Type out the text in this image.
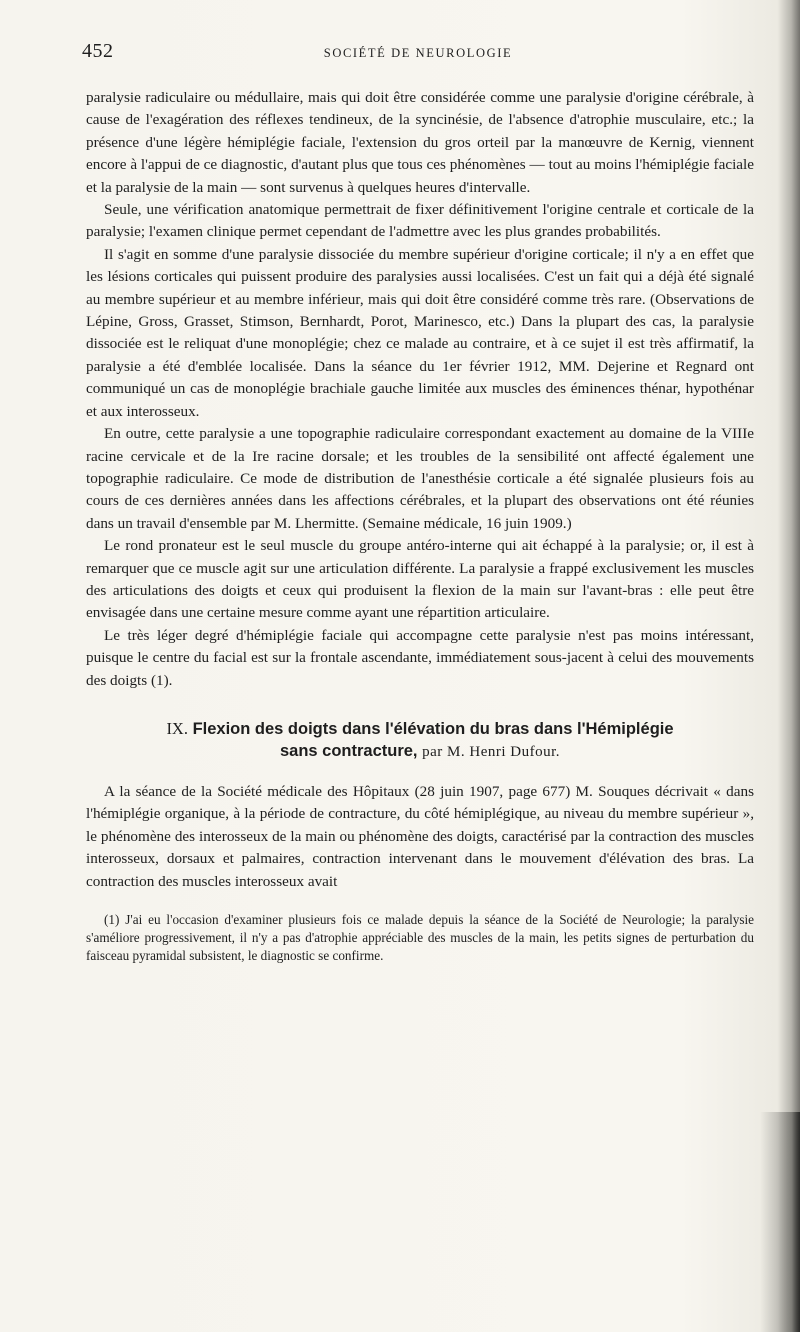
452	SOCIÉTÉ DE NEUROLOGIE

paralysie radiculaire ou médullaire, mais qui doit être considérée comme une paralysie d'origine cérébrale, à cause de l'exagération des réflexes tendineux, de la syncinésie, de l'absence d'atrophie musculaire, etc.; la présence d'une légère hémiplégie faciale, l'extension du gros orteil par la manœuvre de Kernig, viennent encore à l'appui de ce diagnostic, d'autant plus que tous ces phénomènes — tout au moins l'hémiplégie faciale et la paralysie de la main — sont survenus à quelques heures d'intervalle.

Seule, une vérification anatomique permettrait de fixer définitivement l'origine centrale et corticale de la paralysie; l'examen clinique permet cependant de l'admettre avec les plus grandes probabilités.

Il s'agit en somme d'une paralysie dissociée du membre supérieur d'origine corticale; il n'y a en effet que les lésions corticales qui puissent produire des paralysies aussi localisées. C'est un fait qui a déjà été signalé au membre supérieur et au membre inférieur, mais qui doit être considéré comme très rare. (Observations de Lépine, Gross, Grasset, Stimson, Bernhardt, Porot, Marinesco, etc.) Dans la plupart des cas, la paralysie dissociée est le reliquat d'une monoplégie; chez ce malade au contraire, et à ce sujet il est très affirmatif, la paralysie a été d'emblée localisée. Dans la séance du 1er février 1912, MM. Dejerine et Regnard ont communiqué un cas de monoplégie brachiale gauche limitée aux muscles des éminences thénar, hypothénar et aux interosseux.

En outre, cette paralysie a une topographie radiculaire correspondant exactement au domaine de la VIIIe racine cervicale et de la Ire racine dorsale; et les troubles de la sensibilité ont affecté également une topographie radiculaire. Ce mode de distribution de l'anesthésie corticale a été signalée plusieurs fois au cours de ces dernières années dans les affections cérébrales, et la plupart des observations ont été réunies dans un travail d'ensemble par M. Lhermitte. (Semaine médicale, 16 juin 1909.)

Le rond pronateur est le seul muscle du groupe antéro-interne qui ait échappé à la paralysie; or, il est à remarquer que ce muscle agit sur une articulation différente. La paralysie a frappé exclusivement les muscles des articulations des doigts et ceux qui produisent la flexion de la main sur l'avant-bras : elle peut être envisagée dans une certaine mesure comme ayant une répartition articulaire.

Le très léger degré d'hémiplégie faciale qui accompagne cette paralysie n'est pas moins intéressant, puisque le centre du facial est sur la frontale ascendante, immédiatement sous-jacent à celui des mouvements des doigts (1).

IX. Flexion des doigts dans l'élévation du bras dans l'Hémiplégie
sans contracture, par M. Henri Dufour.

A la séance de la Société médicale des Hôpitaux (28 juin 1907, page 677) M. Souques décrivait « dans l'hémiplégie organique, à la période de contracture, du côté hémiplégique, au niveau du membre supérieur », le phénomène des interosseux de la main ou phénomène des doigts, caractérisé par la contraction des muscles interosseux, dorsaux et palmaires, contraction intervenant dans le mouvement d'élévation des bras. La contraction des muscles interosseux avait

(1) J'ai eu l'occasion d'examiner plusieurs fois ce malade depuis la séance de la Société de Neurologie; la paralysie s'améliore progressivement, il n'y a pas d'atrophie appréciable des muscles de la main, les petits signes de perturbation du faisceau pyramidal subsistent, le diagnostic se confirme.
